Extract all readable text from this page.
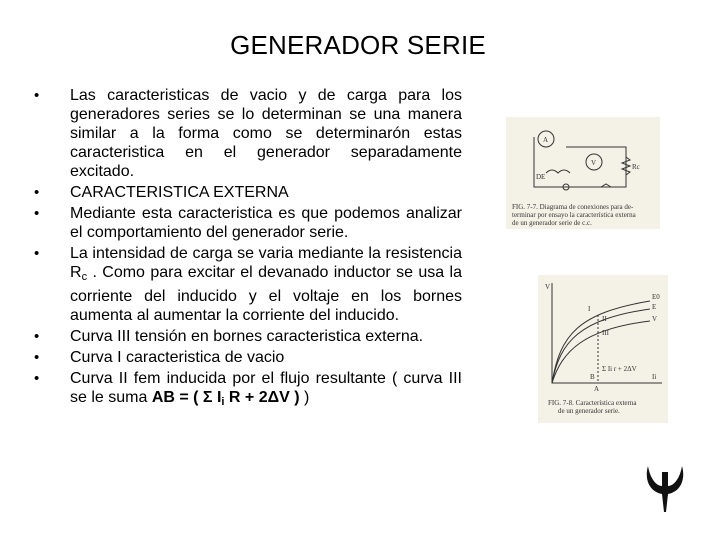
GENERADOR SERIE
• Las caracteristicas de vacio y de carga para los generadores series se lo determinan se una manera similar a la forma como se determinarón estas caracteristica en el generador separadamente excitado.
• CARACTERISTICA EXTERNA
• Mediante esta caracteristica es que podemos analizar el comportamiento del generador serie.
• La intensidad de carga se varia mediante la resistencia $R_c$ . Como para excitar el devanado inductor se usa la corriente del inducido y el voltaje en los bornes aumenta al aumentar la corriente del inducido.
• Curva III tensión en bornes caracteristica externa.
• Curva I caracteristica de vacio
• Curva II fem inducida por el flujo resultante ( curva III se le suma AB = ( Σ $I_i$ R + 2ΔV ) )
A
V
DE
Rc
FIG. 7-7. Diagrama de conexiones para de-
terminar por ensayo la característica externa
de un generador serie de c.c.
V
Ii
E0
E
V
I
II
III
A
B
Σ Ii r + 2ΔV
FIG. 7-8. Característica externa
de un generador serie.
